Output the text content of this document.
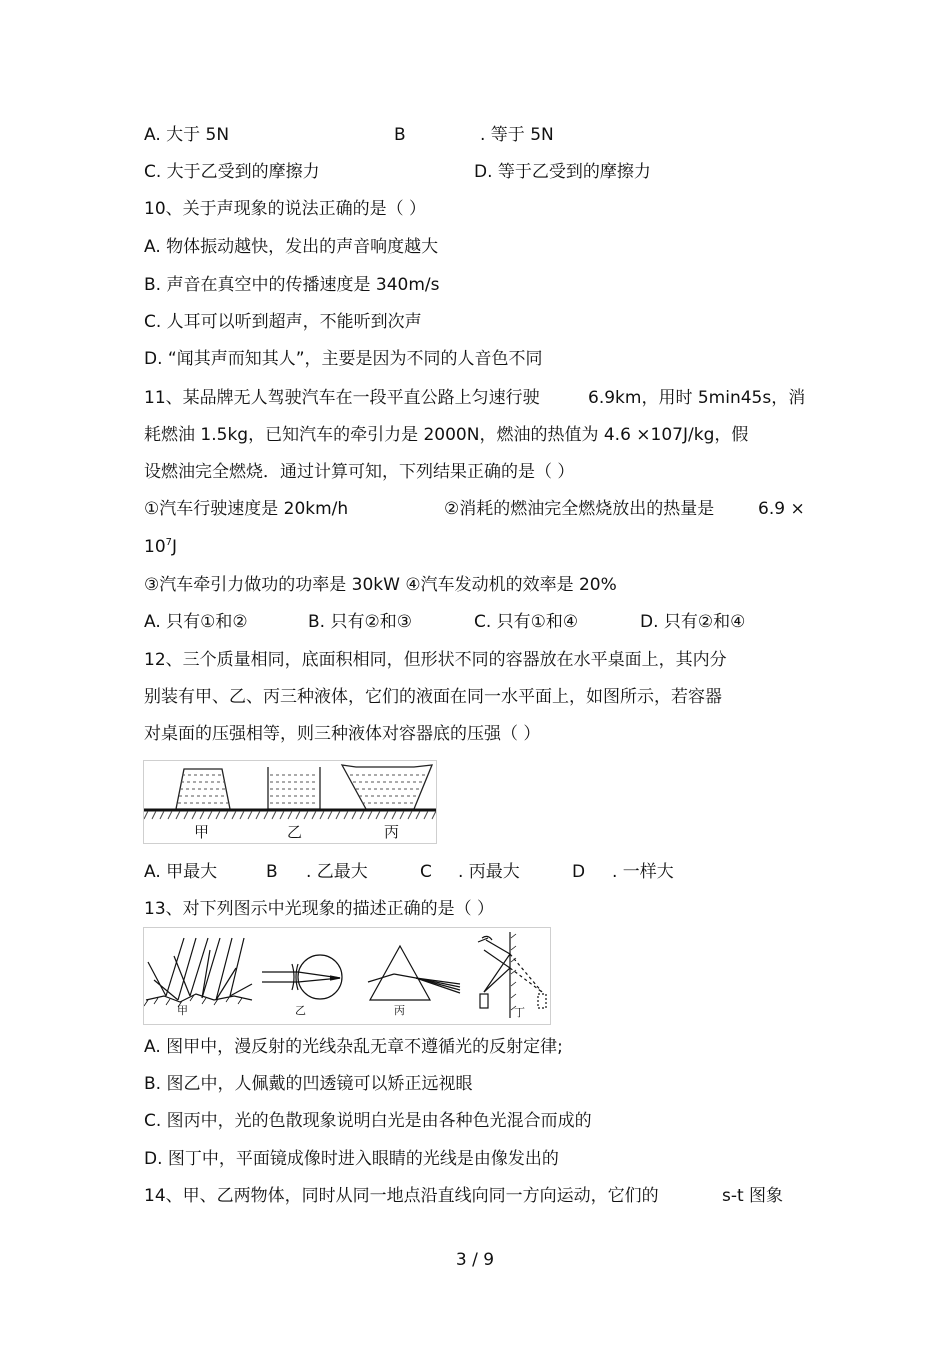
A. 大于 5N	B	. 等于 5N
C. 大于乙受到的摩擦力	D. 等于乙受到的摩擦力
10、关于声现象的说法正确的是（ ）
A. 物体振动越快，发出的声音响度越大
B. 声音在真空中的传播速度是 340m/s
C. 人耳可以听到超声，不能听到次声
D. “闻其声而知其人”，主要是因为不同的人音色不同
11、某品牌无人驾驶汽车在一段平直公路上匀速行驶	6.9km，用时 5min45s，消
耗燃油 1.5kg，已知汽车的牵引力是 2000N，燃油的热值为 4.6 ×107J/kg，假
设燃油完全燃烧．通过计算可知，下列结果正确的是（ ）
①汽车行驶速度是 20km/h	②消耗的燃油完全燃烧放出的热量是	6.9 ×
$10^7J$
③汽车牵引力做功的功率是 30kW ④汽车发动机的效率是 20%
A. 只有①和②	B. 只有②和③	C. 只有①和④	D. 只有②和④
12、三个质量相同，底面积相同，但形状不同的容器放在水平桌面上，其内分
别装有甲、乙、丙三种液体，它们的液面在同一水平面上，如图所示，若容器
对桌面的压强相等，则三种液体对容器底的压强（ ）
甲	乙	丙
A. 甲最大	B . 乙最大	C . 丙最大	D . 一样大
13、对下列图示中光现象的描述正确的是（ ）
甲	乙	丙	丁
A. 图甲中，漫反射的光线杂乱无章不遵循光的反射定律;
B. 图乙中，人佩戴的凹透镜可以矫正远视眼
C. 图丙中，光的色散现象说明白光是由各种色光混合而成的
D. 图丁中，平面镜成像时进入眼睛的光线是由像发出的
14、甲、乙两物体，同时从同一地点沿直线向同一方向运动，它们的	s-t 图象
3 / 9
